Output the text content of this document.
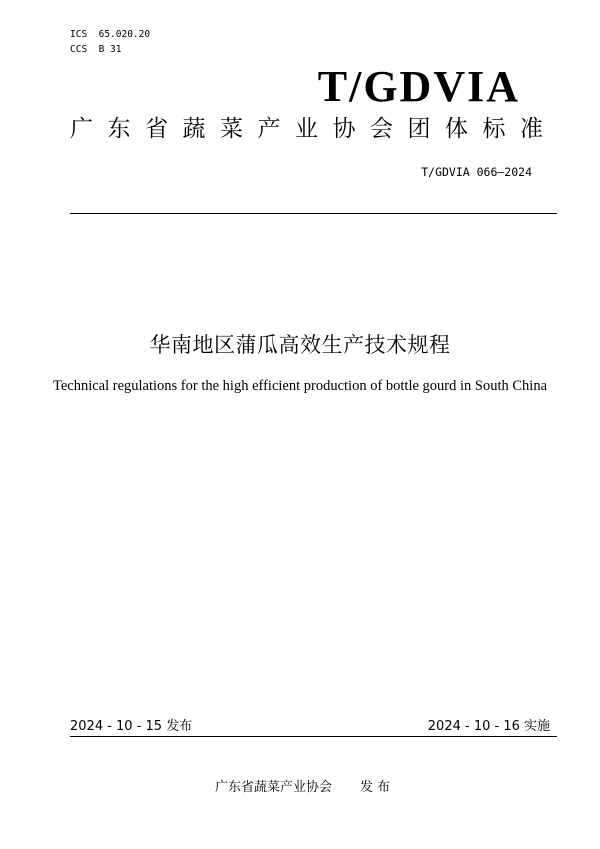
ICS  65.020.20
CCS  B 31
T/GDVIA
广东省蔬菜产业协会团体标准
T/GDVIA 066—2024
华南地区蒲瓜高效生产技术规程
Technical regulations for the high efficient production of bottle gourd in South China
2024 - 10 - 15 发布	2024 - 10 - 16 实施
广东省蔬菜产业协会 发 布
